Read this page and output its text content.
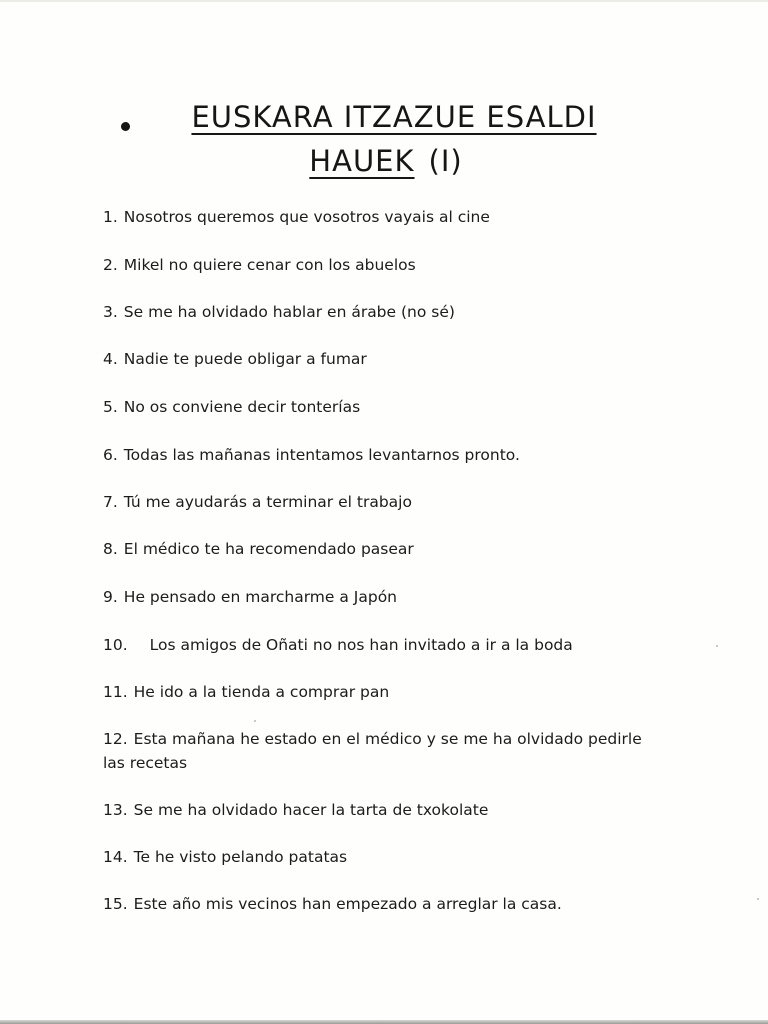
EUSKARA ITZAZUE ESALDI
HAUEK (I)
1. Nosotros queremos que vosotros vayais al cine
2. Mikel no quiere cenar con los abuelos
3. Se me ha olvidado hablar en árabe (no sé)
4. Nadie te puede obligar a fumar
5. No os conviene decir tonterías
6. Todas las mañanas intentamos levantarnos pronto.
7. Tú me ayudarás a terminar el trabajo
8. El médico te ha recomendado pasear
9. He pensado en marcharme a Japón
10. Los amigos de Oñati no nos han invitado a ir a la boda
11. He ido a la tienda a comprar pan
12. Esta mañana he estado en el médico y se me ha olvidado pedirle las recetas
13. Se me ha olvidado hacer la tarta de txokolate
14. Te he visto pelando patatas
15. Este año mis vecinos han empezado a arreglar la casa.
